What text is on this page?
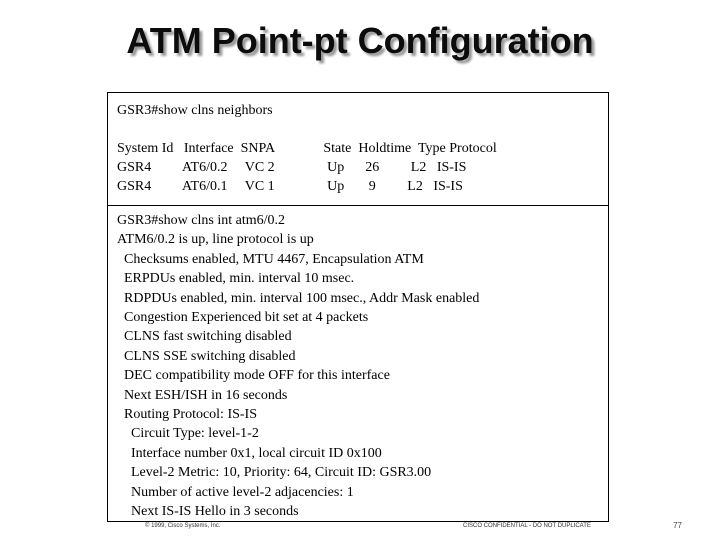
ATM Point-pt Configuration
GSR3#show clns neighbors
System Id   Interface  SNPA              State  Holdtime  Type Protocol
GSR4         AT6/0.2     VC 2               Up      26         L2   IS-IS
GSR4         AT6/0.1     VC 1               Up       9         L2   IS-IS
GSR3#show clns int atm6/0.2
ATM6/0.2 is up, line protocol is up
Checksums enabled, MTU 4467, Encapsulation ATM
ERPDUs enabled, min. interval 10 msec.
RDPDUs enabled, min. interval 100 msec., Addr Mask enabled
Congestion Experienced bit set at 4 packets
CLNS fast switching disabled
CLNS SSE switching disabled
DEC compatibility mode OFF for this interface
Next ESH/ISH in 16 seconds
Routing Protocol: IS-IS
Circuit Type: level-1-2
Interface number 0x1, local circuit ID 0x100
Level-2 Metric: 10, Priority: 64, Circuit ID: GSR3.00
Number of active level-2 adjacencies: 1
Next IS-IS Hello in 3 seconds
© 1999, Cisco Systems, Inc.	CISCO CONFIDENTIAL - DO NOT DUPLICATE	77
